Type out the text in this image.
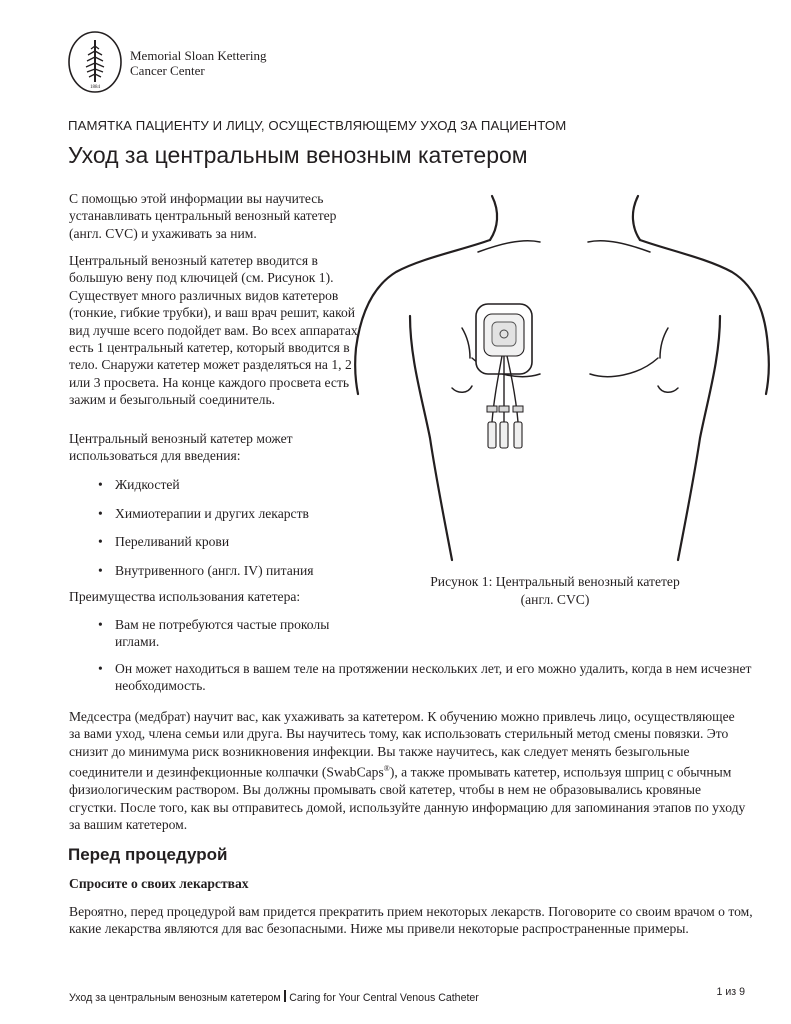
1884
Memorial Sloan Kettering
Cancer Center
ПАМЯТКА ПАЦИЕНТУ И ЛИЦУ, ОСУЩЕСТВЛЯЮЩЕМУ УХОД ЗА ПАЦИЕНТОМ
Уход за центральным венозным катетером

С помощью этой информации вы научитесь устанавливать центральный венозный катетер (англ. CVC) и ухаживать за ним.

Центральный венозный катетер вводится в большую вену под ключицей (см. Рисунок 1). Существует много различных видов катетеров (тонкие, гибкие трубки), и ваш врач решит, какой вид лучше всего подойдет вам. Во всех аппаратах есть 1 центральный катетер, который вводится в тело. Снаружи катетер может разделяться на 1, 2 или 3 просвета. На конце каждого просвета есть зажим и безыгольный соединитель.

Центральный венозный катетер может использоваться для введения:

• Жидкостей
• Химиотерапии и других лекарств
• Переливаний крови
• Внутривенного (англ. IV) питания

Преимущества использования катетера:

• Вам не потребуются частые проколы иглами.
• Он может находиться в вашем теле на протяжении нескольких лет, и его можно удалить, когда в нем исчезнет необходимость.

Медсестра (медбрат) научит вас, как ухаживать за катетером. К обучению можно привлечь лицо, осуществляющее за вами уход, члена семьи или друга. Вы научитесь тому, как использовать стерильный метод смены повязки. Это снизит до минимума риск возникновения инфекции. Вы также научитесь, как следует менять безыгольные соединители и дезинфекционные колпачки (SwabCaps®), а также промывать катетер, используя шприц с обычным физиологическим раствором. Вы должны промывать свой катетер, чтобы в нем не образовывались кровяные сгустки. После того, как вы отправитесь домой, используйте данную информацию для запоминания этапов по уходу за вашим катетером.

Перед процедурой
Спросите о своих лекарствах

Вероятно, перед процедурой вам придется прекратить прием некоторых лекарств. Поговорите со своим врачом о том, какие лекарства являются для вас безопасными. Ниже мы привели некоторые распространенные примеры.

Рисунок 1: Центральный венозный катетер
(англ. CVC)
Уход за центральным венозным катетером Caring for Your Central Venous Catheter	1 из 9
